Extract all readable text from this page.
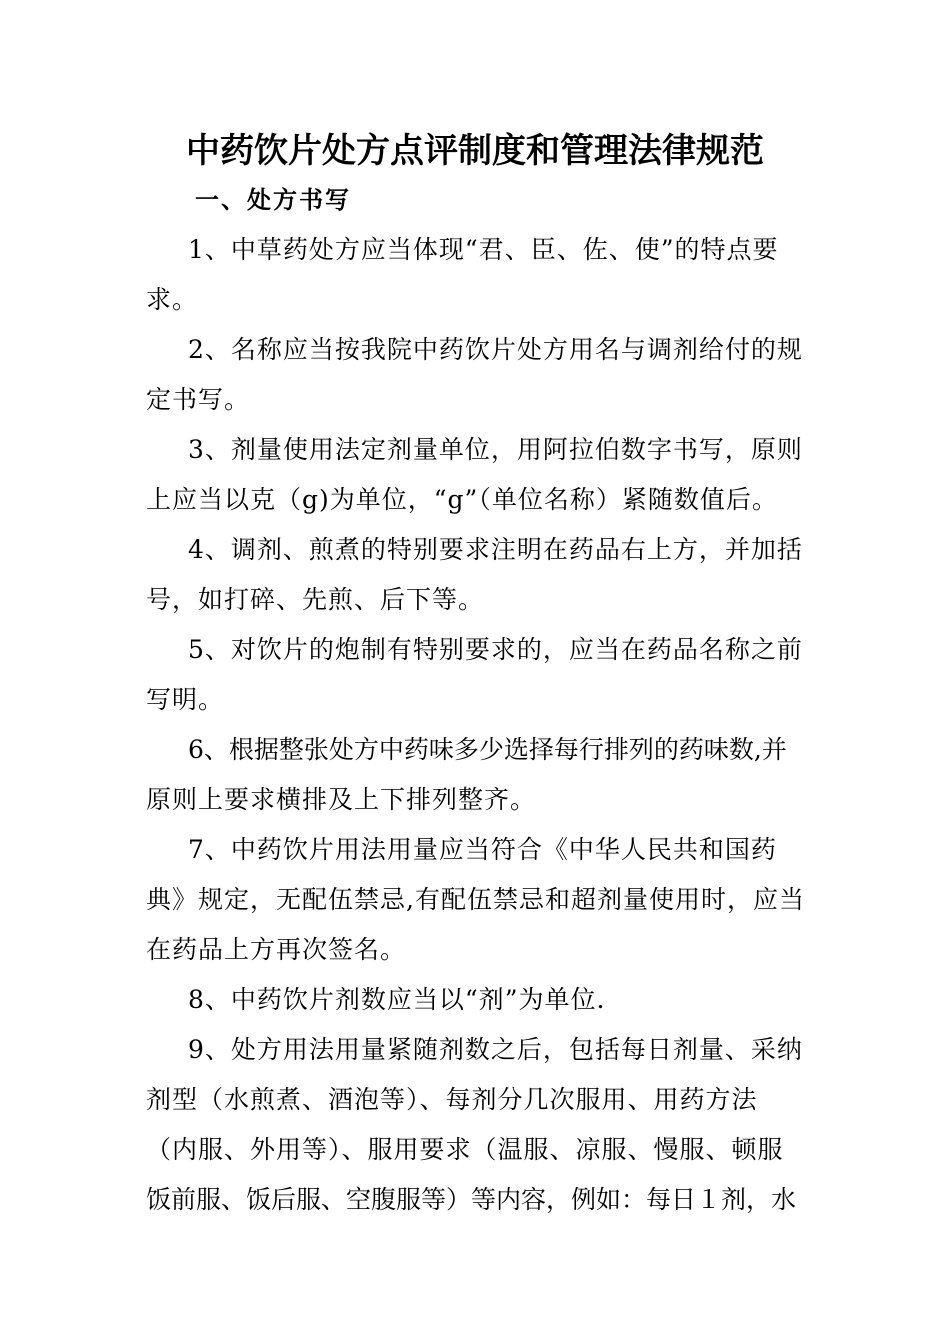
中药饮片处方点评制度和管理法律规范
一、处方书写
1、中草药处方应当体现“君、臣、佐、使”的特点要
求。
2、名称应当按我院中药饮片处方用名与调剂给付的规
定书写。
3、剂量使用法定剂量单位，用阿拉伯数字书写，原则
上应当以克（g)为单位，“g”（单位名称）紧随数值后。
4、调剂、煎煮的特别要求注明在药品右上方，并加括
号，如打碎、先煎、后下等。
5、对饮片的炮制有特别要求的，应当在药品名称之前
写明。
6、根据整张处方中药味多少选择每行排列的药味数,并
原则上要求横排及上下排列整齐。
7、中药饮片用法用量应当符合《中华人民共和国药
典》规定，无配伍禁忌,有配伍禁忌和超剂量使用时，应当
在药品上方再次签名。
8、中药饮片剂数应当以“剂”为单位.
9、处方用法用量紧随剂数之后，包括每日剂量、采纳
剂型（水煎煮、酒泡等）、每剂分几次服用、用药方法
（内服、外用等）、服用要求（温服、凉服、慢服、顿服
饭前服、饭后服、空腹服等）等内容，例如：每日１剂，水
